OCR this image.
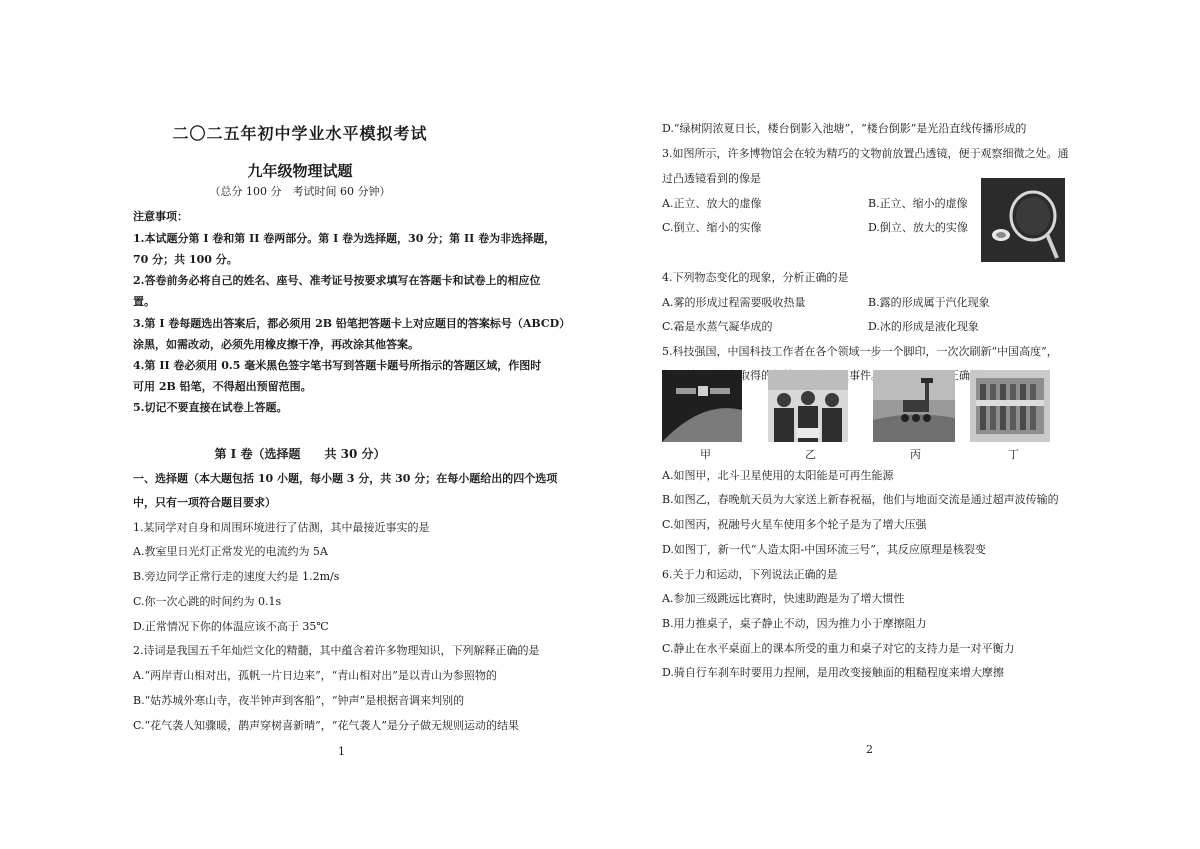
二〇二五年初中学业水平模拟考试
九年级物理试题
（总分 100 分　考试时间 60 分钟）
注意事项：
1.本试题分第 I 卷和第 II 卷两部分。第 I 卷为选择题，30 分；第 II 卷为非选择题，
70 分；共 100 分。
2.答卷前务必将自己的姓名、座号、准考证号按要求填写在答题卡和试卷上的相应位
置。
3.第 I 卷每题选出答案后，都必须用 2B 铅笔把答题卡上对应题目的答案标号（ABCD）
涂黑，如需改动，必须先用橡皮擦干净，再改涂其他答案。
4.第 II 卷必须用 0.5 毫米黑色签字笔书写到答题卡题号所指示的答题区域，作图时
可用 2B 铅笔，不得超出预留范围。
5.切记不要直接在试卷上答题。
第 I 卷（选择题　　共 30 分）
一、选择题（本大题包括 10 小题，每小题 3 分，共 30 分；在每小题给出的四个选项
中，只有一项符合题目要求）
1.某同学对自身和周围环境进行了估测，其中最接近事实的是
A.教室里日光灯正常发光的电流约为 5A
B.旁边同学正常行走的速度大约是 1.2m/s
C.你一次心跳的时间约为 0.1s
D.正常情况下你的体温应该不高于 35℃
2.诗词是我国五千年灿烂文化的精髓，其中蕴含着许多物理知识，下列解释正确的是
A.“两岸青山相对出，孤帆一片日边来”，“青山相对出”是以青山为参照物的
B.“姑苏城外寒山寺，夜半钟声到客船”，“钟声”是根据音调来判别的
C.“花气袭人知骤暖，鹊声穿树喜新晴”，“花气袭人”是分子做无规则运动的结果
1
D.“绿树阴浓夏日长，楼台倒影入池塘”，“楼台倒影”是光沿直线传播形成的
3.如图所示，许多博物馆会在较为精巧的文物前放置凸透镜，便于观察细微之处。通
过凸透镜看到的像是
A.正立、放大的虚像	B.正立、缩小的虚像
C.倒立、缩小的实像	D.倒立、放大的实像
4.下列物态变化的现象，分析正确的是
A.雾的形成过程需要吸收热量	B.露的形成属于汽化现象
C.霜是水蒸气凝华成的	D.冰的形成是液化现象
5.科技强国，中国科技工作者在各个领域一步一个脚印，一次次刷新“中国高度”，
甲	乙	丙	丁
A.如图甲，北斗卫星使用的太阳能是可再生能源
B.如图乙，春晚航天员为大家送上新春祝福，他们与地面交流是通过超声波传输的
C.如图丙，祝融号火星车使用多个轮子是为了增大压强
D.如图丁，新一代“人造太阳-中国环流三号”，其反应原理是核裂变
6.关于力和运动，下列说法正确的是
A.参加三级跳远比赛时，快速助跑是为了增大惯性
B.用力推桌子，桌子静止不动，因为推力小于摩擦阻力
C.静止在水平桌面上的课本所受的重力和桌子对它的支持力是一对平衡力
D.骑自行车刹车时要用力捏闸，是用改变接触面的粗糙程度来增大摩擦
2
